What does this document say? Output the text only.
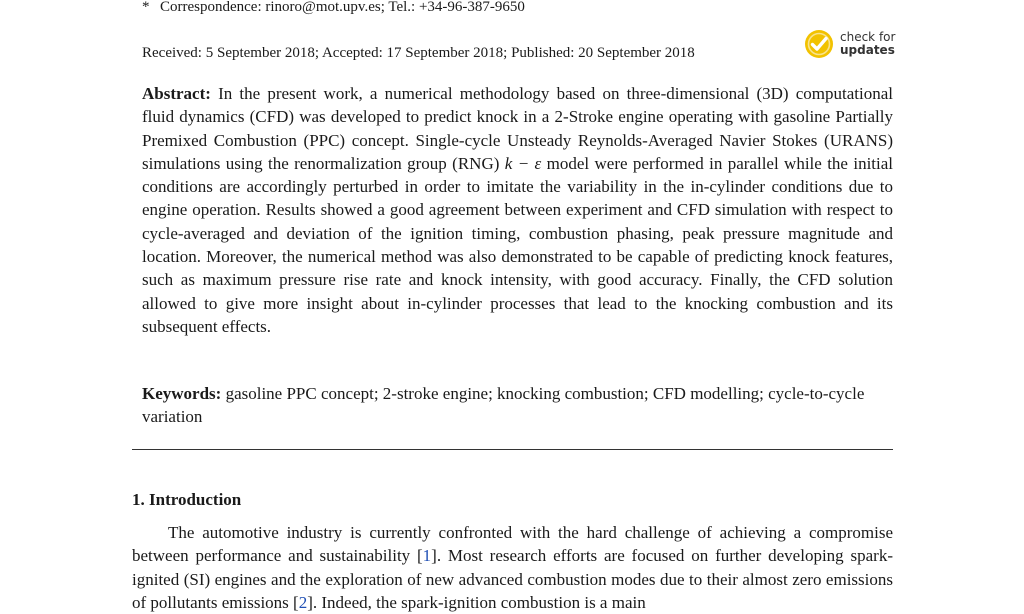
* Correspondence: rinoro@mot.upv.es; Tel.: +34-96-387-9650
Received: 5 September 2018; Accepted: 17 September 2018; Published: 20 September 2018
check for
updates
Abstract: In the present work, a numerical methodology based on three-dimensional (3D) computational fluid dynamics (CFD) was developed to predict knock in a 2-Stroke engine operating with gasoline Partially Premixed Combustion (PPC) concept. Single-cycle Unsteady Reynolds-Averaged Navier Stokes (URANS) simulations using the renormalization group (RNG) k − ε model were performed in parallel while the initial conditions are accordingly perturbed in order to imitate the variability in the in-cylinder conditions due to engine operation. Results showed a good agreement between experiment and CFD simulation with respect to cycle-averaged and deviation of the ignition timing, combustion phasing, peak pressure magnitude and location. Moreover, the numerical method was also demonstrated to be capable of predicting knock features, such as maximum pressure rise rate and knock intensity, with good accuracy. Finally, the CFD solution allowed to give more insight about in-cylinder processes that lead to the knocking combustion and its subsequent effects.
Keywords: gasoline PPC concept; 2-stroke engine; knocking combustion; CFD modelling; cycle-to-cycle variation
1. Introduction
The automotive industry is currently confronted with the hard challenge of achieving a compromise between performance and sustainability [1]. Most research efforts are focused on further developing spark-ignited (SI) engines and the exploration of new advanced combustion modes due to their almost zero emissions of pollutants emissions [2]. Indeed, the spark-ignition combustion is a main
